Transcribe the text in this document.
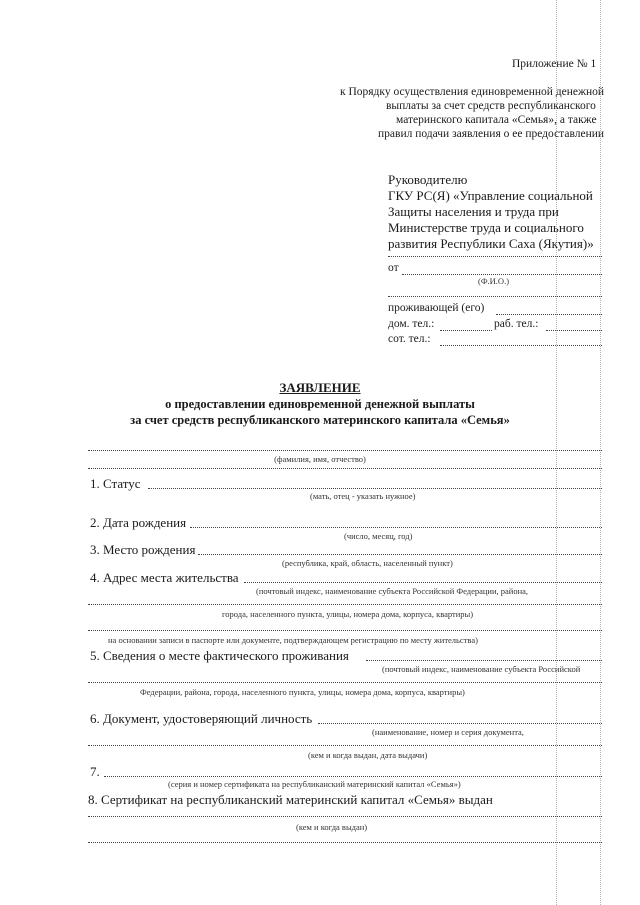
Приложение № 1
к Порядку осуществления единовременной денежной
выплаты за счет средств республиканского
материнского капитала «Семья», а также
правил подачи заявления о ее предоставлении
Руководителю
ГКУ РС(Я) «Управление социальной
Защиты населения и труда при
Министерстве труда и социального
развития Республики Саха (Якутия)»
от
(Ф.И.О.)
проживающей (его)
дом. тел.:	раб. тел.:
сот. тел.:
ЗАЯВЛЕНИЕ
о предоставлении единовременной денежной выплаты
за счет средств республиканского материнского капитала «Семья»
(фамилия, имя, отчество)
1. Статус
(мать, отец - указать нужное)
2. Дата рождения
(число, месяц, год)
3. Место рождения
(республика, край, область, населенный пункт)
4. Адрес места жительства
(почтовый индекс, наименование субъекта Российской Федерации, района,
города, населенного пункта, улицы, номера дома, корпуса, квартиры)
на основании записи в паспорте или документе, подтверждающем регистрацию по месту жительства)
5. Сведения о месте фактического проживания
(почтовый индекс, наименование субъекта Российской
Федерации, района, города, населенного пункта, улицы, номера дома, корпуса, квартиры)
6. Документ, удостоверяющий личность
(наименование, номер и серия документа,
(кем и когда выдан, дата выдачи)
7.
(серия и номер сертификата на республиканский материнский капитал «Семья»)
8. Сертификат на республиканский материнский капитал «Семья» выдан
(кем и когда выдан)
